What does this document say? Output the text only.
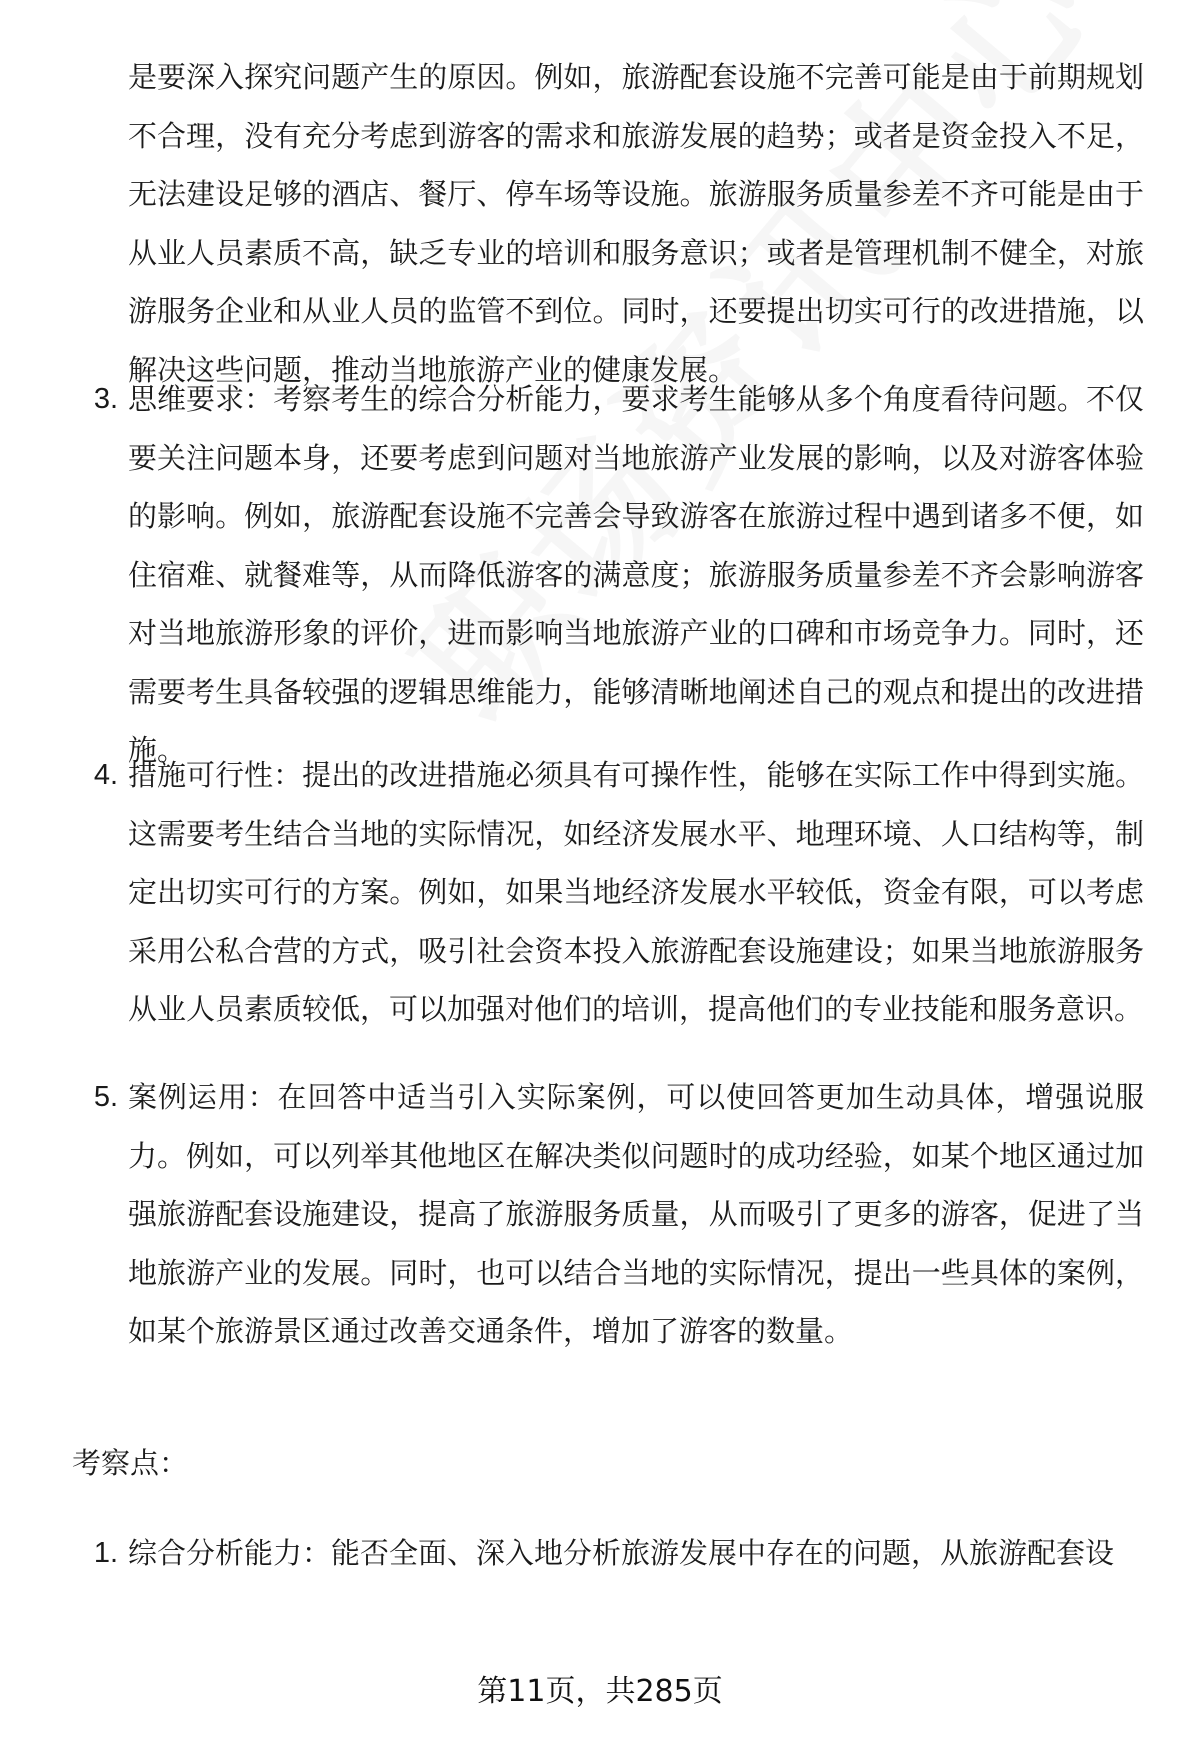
是要深入探究问题产生的原因。例如，旅游配套设施不完善可能是由于前期规划不合理，没有充分考虑到游客的需求和旅游发展的趋势；或者是资金投入不足，无法建设足够的酒店、餐厅、停车场等设施。旅游服务质量参差不齐可能是由于从业人员素质不高，缺乏专业的培训和服务意识；或者是管理机制不健全，对旅游服务企业和从业人员的监管不到位。同时，还要提出切实可行的改进措施，以解决这些问题，推动当地旅游产业的健康发展。
3. 思维要求：考察考生的综合分析能力，要求考生能够从多个角度看待问题。不仅要关注问题本身，还要考虑到问题对当地旅游产业发展的影响，以及对游客体验的影响。例如，旅游配套设施不完善会导致游客在旅游过程中遇到诸多不便，如住宿难、就餐难等，从而降低游客的满意度；旅游服务质量参差不齐会影响游客对当地旅游形象的评价，进而影响当地旅游产业的口碑和市场竞争力。同时，还需要考生具备较强的逻辑思维能力，能够清晰地阐述自己的观点和提出的改进措施。
4. 措施可行性：提出的改进措施必须具有可操作性，能够在实际工作中得到实施。这需要考生结合当地的实际情况，如经济发展水平、地理环境、人口结构等，制定出切实可行的方案。例如，如果当地经济发展水平较低，资金有限，可以考虑采用公私合营的方式，吸引社会资本投入旅游配套设施建设；如果当地旅游服务从业人员素质较低，可以加强对他们的培训，提高他们的专业技能和服务意识。
5. 案例运用：在回答中适当引入实际案例，可以使回答更加生动具体，增强说服力。例如，可以列举其他地区在解决类似问题时的成功经验，如某个地区通过加强旅游配套设施建设，提高了旅游服务质量，从而吸引了更多的游客，促进了当地旅游产业的发展。同时，也可以结合当地的实际情况，提出一些具体的案例，如某个旅游景区通过改善交通条件，增加了游客的数量。
考察点：
1. 综合分析能力：能否全面、深入地分析旅游发展中存在的问题，从旅游配套设
第11页，共285页
